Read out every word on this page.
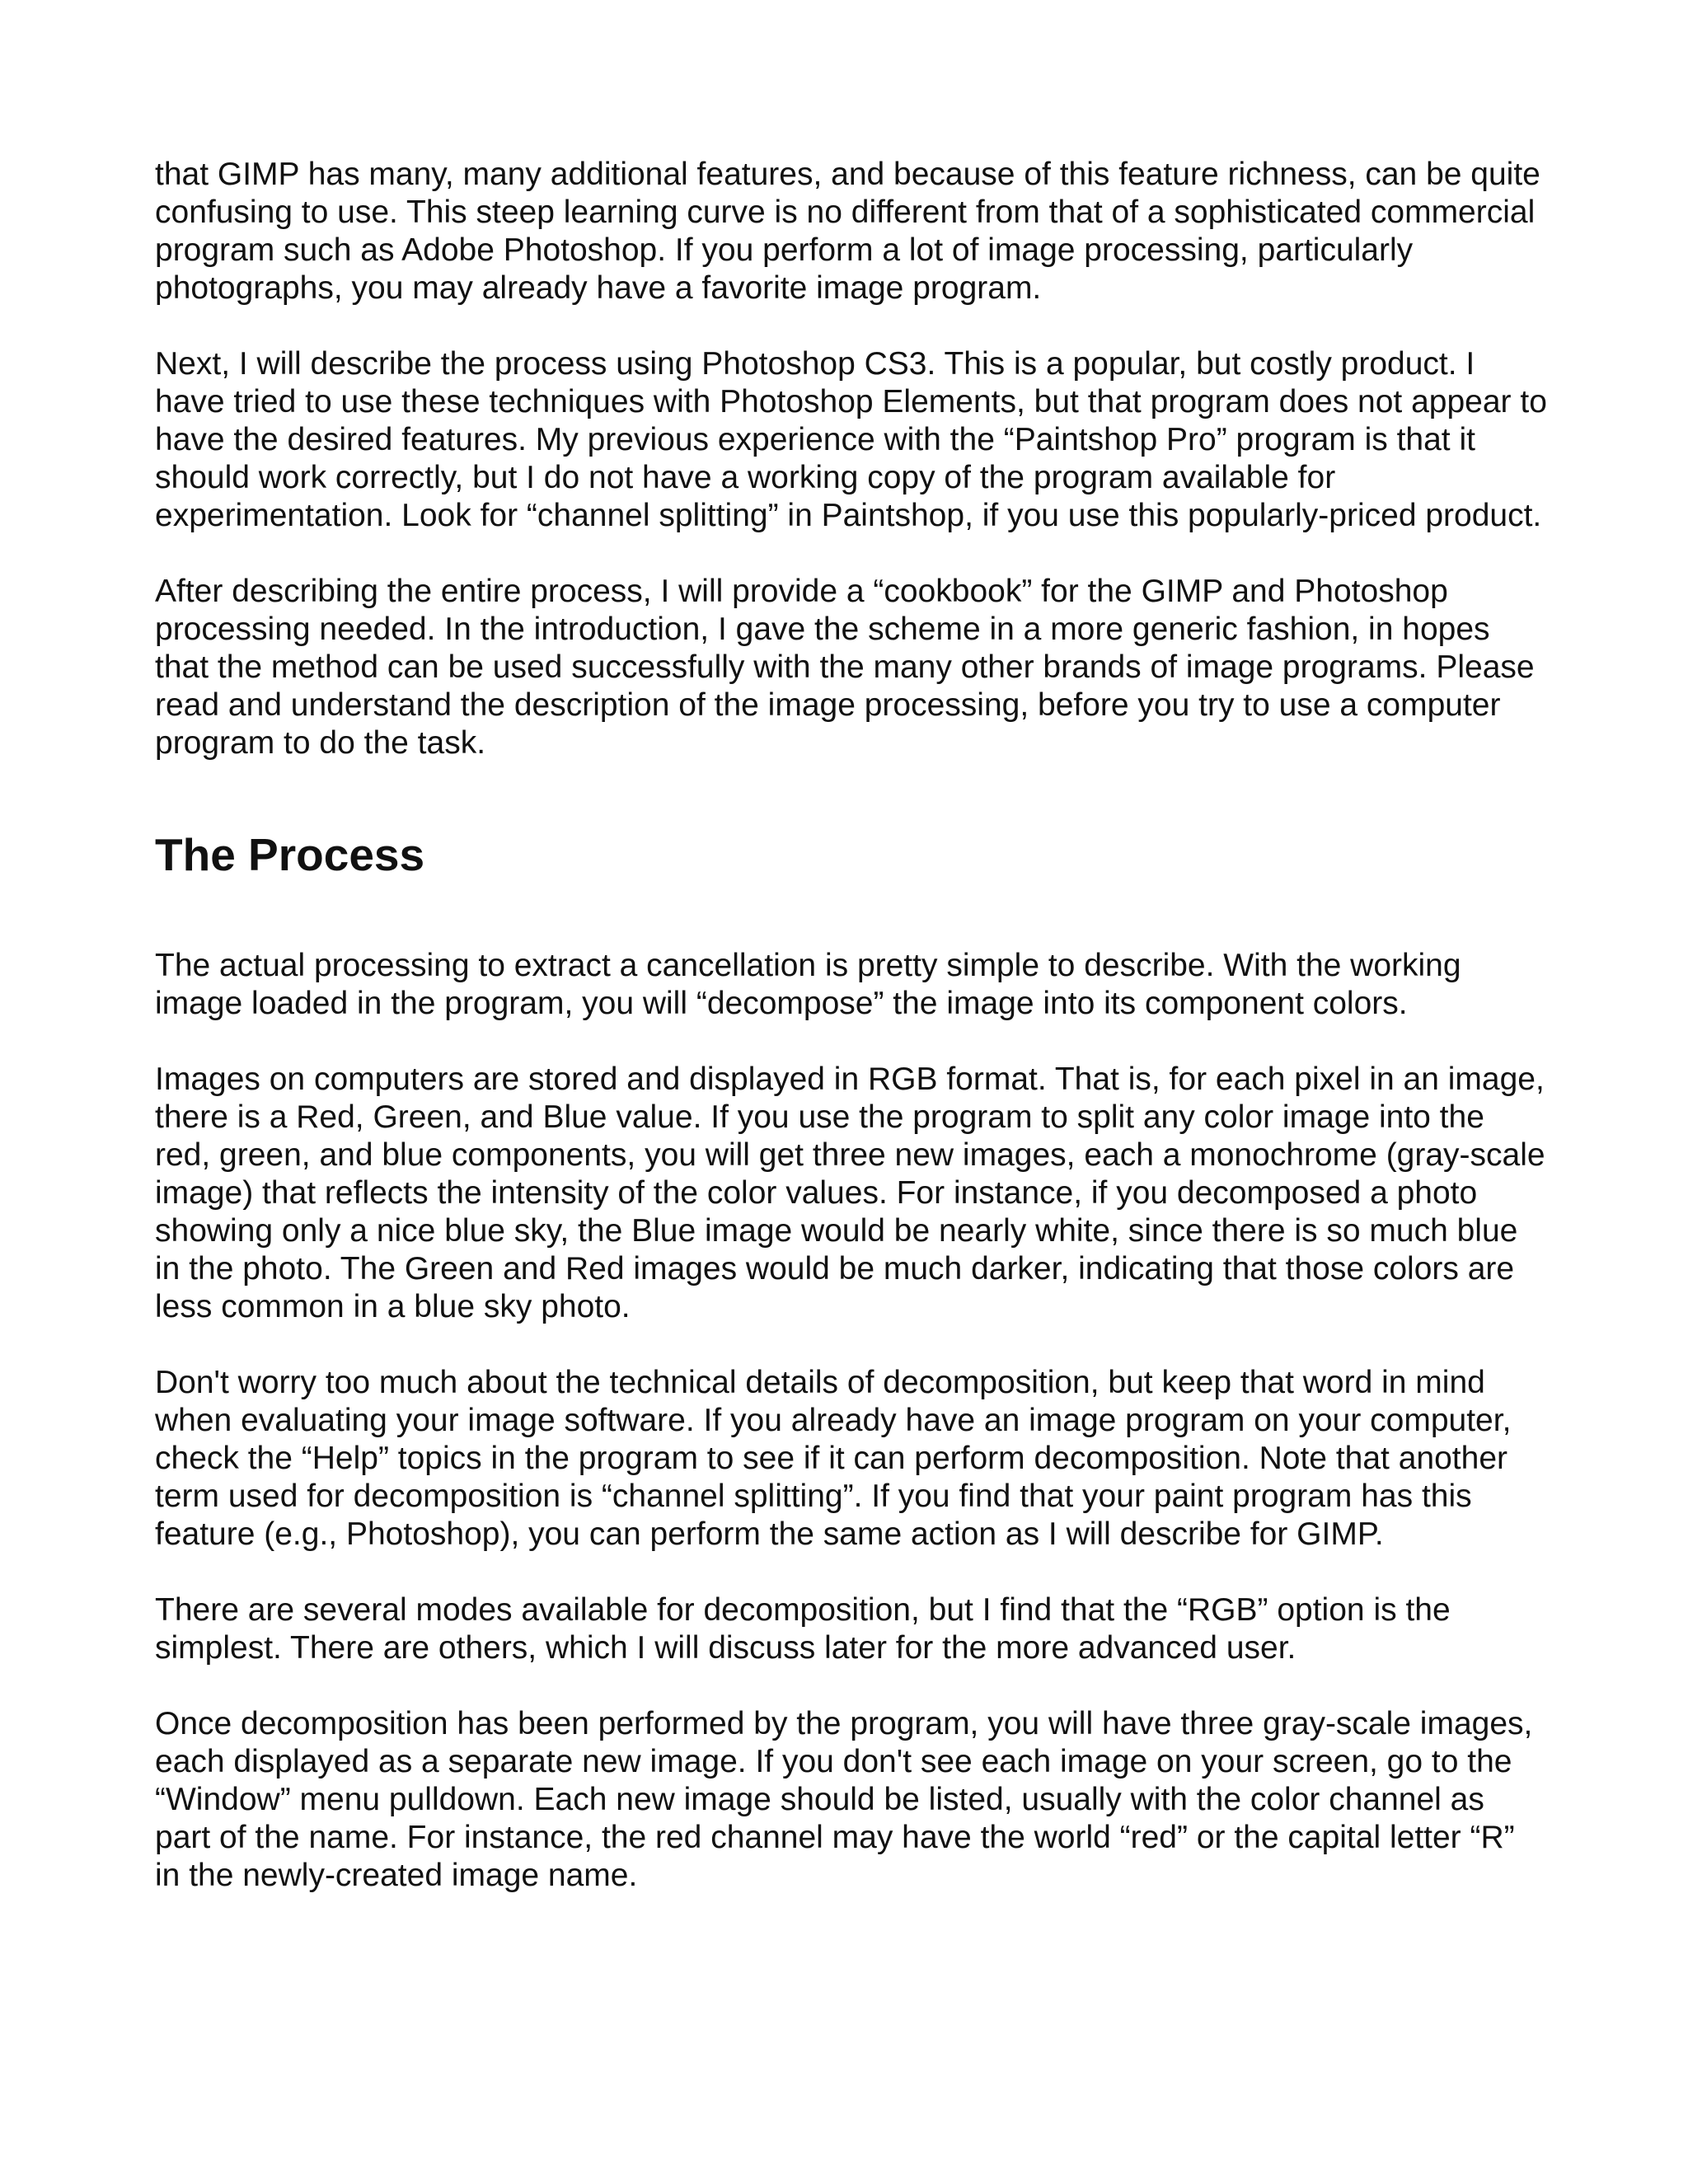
that GIMP has many, many additional features, and because of this feature richness, can be quite confusing to use. This steep learning curve is no different from that of a sophisticated commercial program such as Adobe Photoshop. If you perform a lot of image processing, particularly photographs, you may already have a favorite image program.

Next, I will describe the process using Photoshop CS3. This is a popular, but costly product. I have tried to use these techniques with Photoshop Elements, but that program does not appear to have the desired features. My previous experience with the “Paintshop Pro” program is that it should work correctly, but I do not have a working copy of the program available for experimentation. Look for “channel splitting” in Paintshop, if you use this popularly-priced product.

After describing the entire process, I will provide a “cookbook” for the GIMP and Photoshop processing needed. In the introduction, I gave the scheme in a more generic fashion, in hopes that the method can be used successfully with the many other brands of image programs. Please read and understand the description of the image processing, before you try to use a computer program to do the task.

The Process

The actual processing to extract a cancellation is pretty simple to describe. With the working image loaded in the program, you will “decompose” the image into its component colors.

Images on computers are stored and displayed in RGB format. That is, for each pixel in an image, there is a Red, Green, and Blue value. If you use the program to split any color image into the red, green, and blue components, you will get three new images, each a monochrome (gray-scale image) that reflects the intensity of the color values. For instance, if you decomposed a photo showing only a nice blue sky, the Blue image would be nearly white, since there is so much blue in the photo. The Green and Red images would be much darker, indicating that those colors are less common in a blue sky photo.

Don't worry too much about the technical details of decomposition, but keep that word in mind when evaluating your image software. If you already have an image program on your computer, check the “Help” topics in the program to see if it can perform decomposition. Note that another term used for decomposition is “channel splitting”. If you find that your paint program has this feature (e.g., Photoshop), you can perform the same action as I will describe for GIMP.

There are several modes available for decomposition, but I find that the “RGB” option is the simplest. There are others, which I will discuss later for the more advanced user.

Once decomposition has been performed by the program, you will have three gray-scale images, each displayed as a separate new image. If you don't see each image on your screen, go to the “Window” menu pulldown. Each new image should be listed, usually with the color channel as part of the name. For instance, the red channel may have the world “red” or the capital letter “R” in the newly-created image name.
